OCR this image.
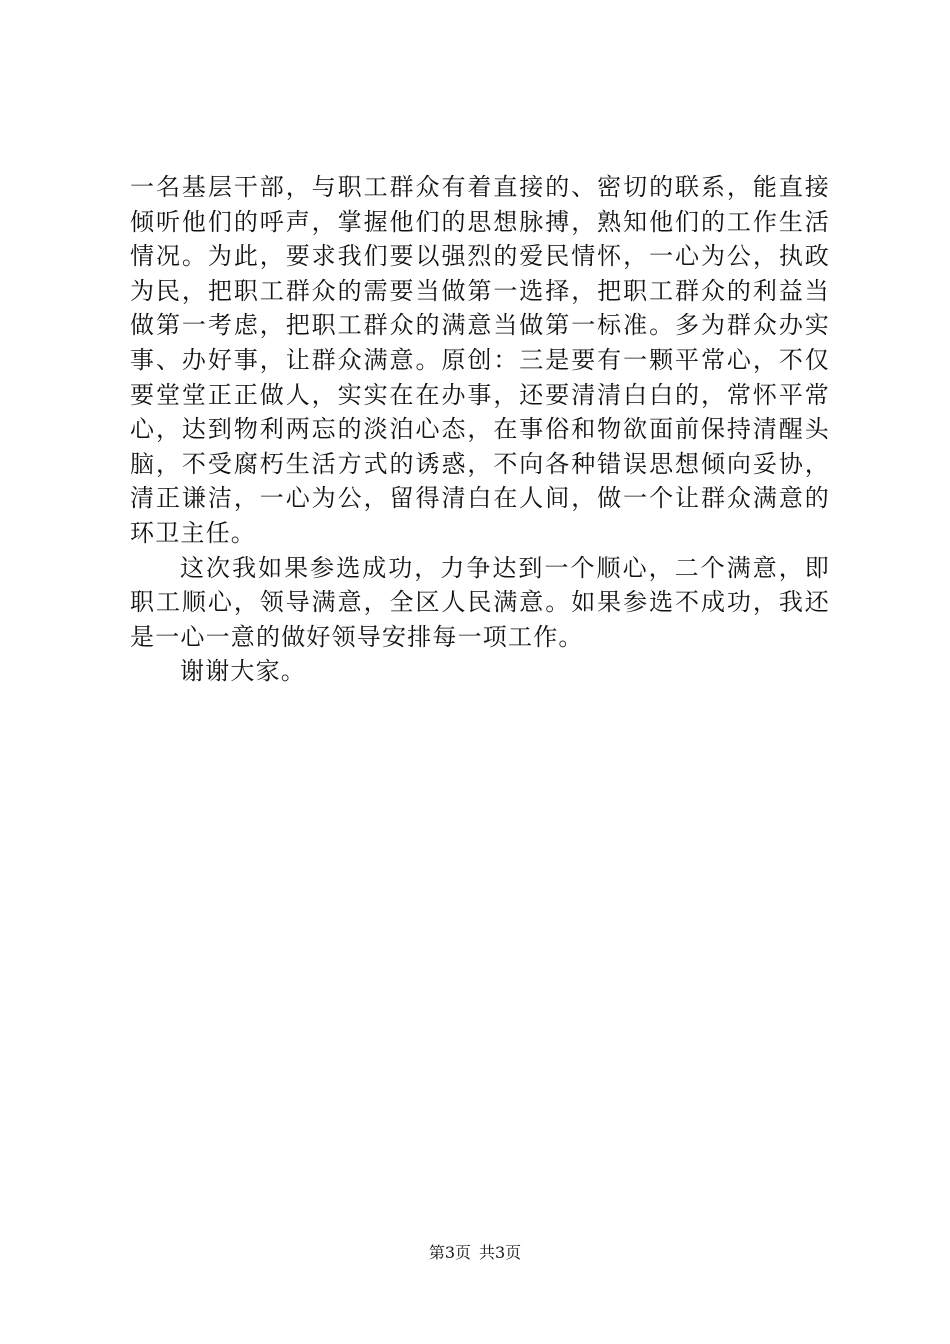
一名基层干部，与职工群众有着直接的、密切的联系，能直接
倾听他们的呼声，掌握他们的思想脉搏，熟知他们的工作生活
情况。为此，要求我们要以强烈的爱民情怀，一心为公，执政
为民，把职工群众的需要当做第一选择，把职工群众的利益当
做第一考虑，把职工群众的满意当做第一标准。多为群众办实
事、办好事，让群众满意。原创：三是要有一颗平常心，不仅
要堂堂正正做人，实实在在办事，还要清清白白的，常怀平常
心，达到物利两忘的淡泊心态，在事俗和物欲面前保持清醒头
脑，不受腐朽生活方式的诱惑，不向各种错误思想倾向妥协，
清正谦洁，一心为公，留得清白在人间，做一个让群众满意的
环卫主任。
这次我如果参选成功，力争达到一个顺心，二个满意，即
职工顺心，领导满意，全区人民满意。如果参选不成功，我还
是一心一意的做好领导安排每一项工作。
谢谢大家。
第3页 共3页
